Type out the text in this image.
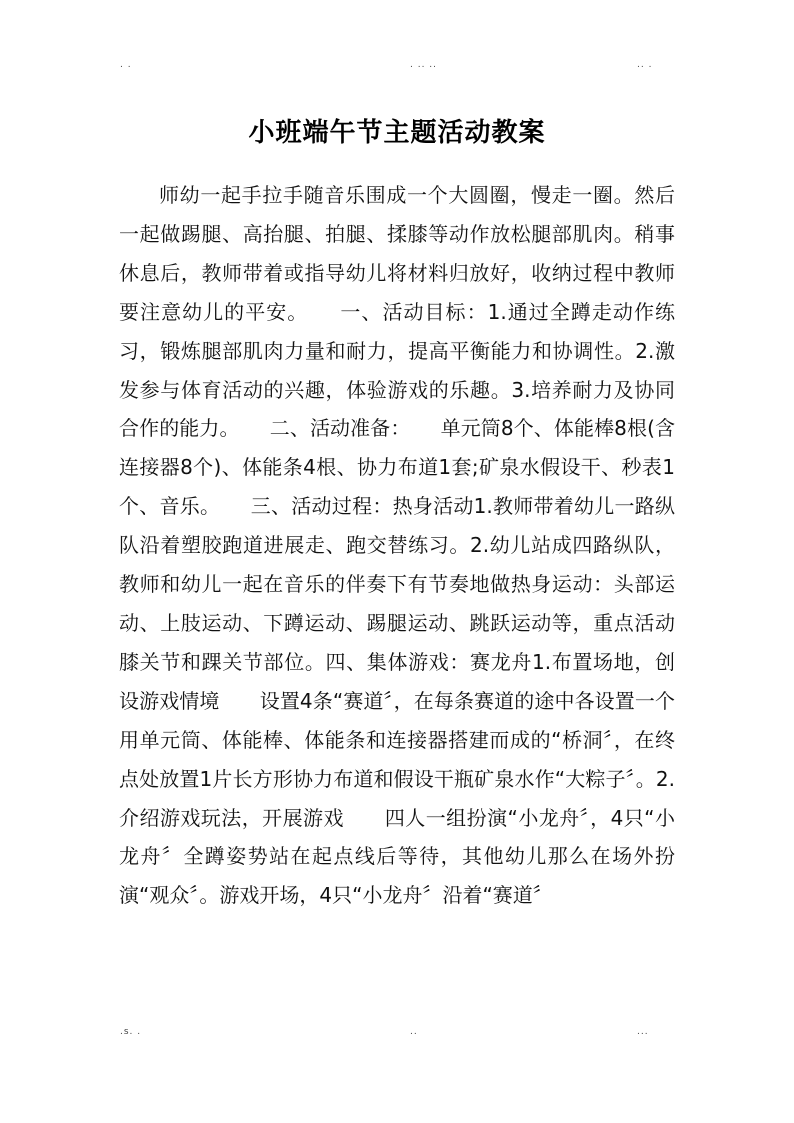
. .	. .. ..	.. .
小班端午节主题活动教案

师幼一起手拉手随音乐围成一个大圆圈，慢走一圈。然后一起做踢腿、高抬腿、拍腿、揉膝等动作放松腿部肌肉。稍事休息后，教师带着或指导幼儿将材料归放好，收纳过程中教师要注意幼儿的平安。　　一、活动目标：1.通过全蹲走动作练习，锻炼腿部肌肉力量和耐力，提高平衡能力和协调性。2.激发参与体育活动的兴趣，体验游戏的乐趣。3.培养耐力及协同合作的能力。　　二、活动准备：　　单元筒8个、体能棒8根(含连接器8个)、体能条4根、协力布道1套;矿泉水假设干、秒表1个、音乐。　　三、活动过程：热身活动1.教师带着幼儿一路纵队沿着塑胶跑道进展走、跑交替练习。2.幼儿站成四路纵队，教师和幼儿一起在音乐的伴奏下有节奏地做热身运动：头部运动、上肢运动、下蹲运动、踢腿运动、跳跃运动等，重点活动膝关节和踝关节部位。四、集体游戏：赛龙舟1.布置场地，创设游戏情境　　设置4条“赛道〞，在每条赛道的途中各设置一个用单元筒、体能棒、体能条和连接器搭建而成的“桥洞〞，在终点处放置1片长方形协力布道和假设干瓶矿泉水作“大粽子〞。2.介绍游戏玩法，开展游戏　　四人一组扮演“小龙舟〞，4只“小龙舟〞全蹲姿势站在起点线后等待，其他幼儿那么在场外扮演“观众〞。游戏开场，4只“小龙舟〞沿着“赛道〞

.s. .	..	...
